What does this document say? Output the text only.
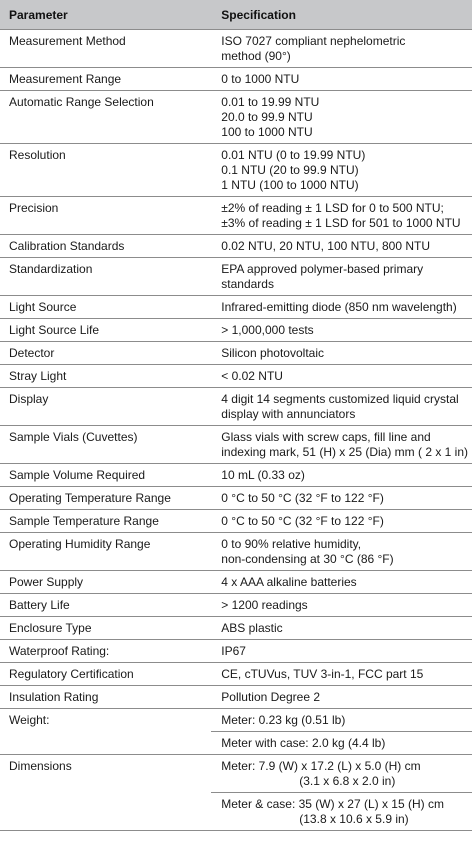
Parameter	Specification
Measurement Method	ISO 7027 compliant nephelometric
method (90°)

Measurement Range	0 to 1000 NTU

Automatic Range Selection	0.01 to 19.99 NTU
20.0 to 99.9 NTU
100 to 1000 NTU

Resolution	0.01 NTU (0 to 19.99 NTU)
0.1 NTU (20 to 99.9 NTU)
1 NTU (100 to 1000 NTU)

Precision	±2% of reading ± 1 LSD for 0 to 500 NTU;
±3% of reading ± 1 LSD for 501 to 1000 NTU

Calibration Standards	0.02 NTU, 20 NTU, 100 NTU, 800 NTU

Standardization	EPA approved polymer-based primary
standards

Light Source	Infrared-emitting diode (850 nm wavelength)

Light Source Life	> 1,000,000 tests

Detector	Silicon photovoltaic

Stray Light	< 0.02 NTU

Display	4 digit 14 segments customized liquid crystal
display with annunciators

Sample Vials (Cuvettes)	Glass vials with screw caps, fill line and
indexing mark, 51 (H) x 25 (Dia) mm ( 2 x 1 in)

Sample Volume Required	10 mL (0.33 oz)

Operating Temperature Range	0 °C to 50 °C (32 °F to 122 °F)

Sample Temperature Range	0 °C to 50 °C (32 °F to 122 °F)

Operating Humidity Range	0 to 90% relative humidity,
non-condensing at 30 °C (86 °F)

Power Supply	4 x AAA alkaline batteries

Battery Life	> 1200 readings

Enclosure Type	ABS plastic

Waterproof Rating:	IP67

Regulatory Certification	CE, cTUVus, TUV 3-in-1, FCC part 15

Insulation Rating	Pollution Degree 2

Weight:	Meter: 0.23 kg (0.51 lb)
Meter with case: 2.0 kg (4.4 lb)

Dimensions	Meter: 7.9 (W) x 17.2 (L) x 5.0 (H) cm
(3.1 x 6.8 x 2.0 in)
Meter & case: 35 (W) x 27 (L) x 15 (H) cm
(13.8 x 10.6 x 5.9 in)
